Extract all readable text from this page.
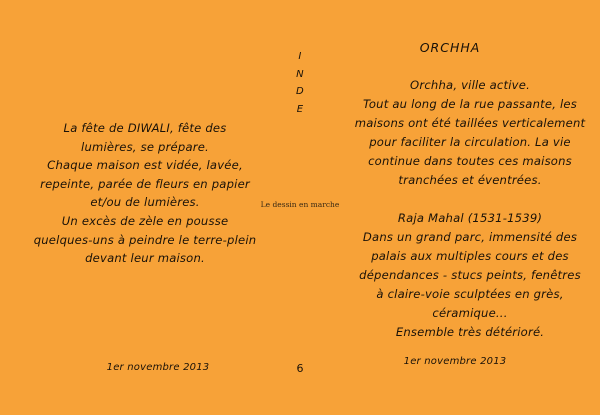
La fête de DIWALI, fête des
lumières, se prépare.
Chaque maison est vidée, lavée,
repeinte, parée de fleurs en papier
et/ou de lumières.
Un excès de zèle en pousse
quelques-uns à peindre le terre-plein
devant leur maison.
1er novembre 2013
I
N
D
E
Le dessin en marche
6
ORCHHA
Orchha, ville active.
Tout au long de la rue passante, les
maisons ont été taillées verticalement
pour faciliter la circulation. La vie
continue dans toutes ces maisons
tranchées et éventrées.
Raja Mahal (1531-1539)
Dans un grand parc, immensité des
palais aux multiples cours et des
dépendances - stucs peints, fenêtres
à claire-voie sculptées en grès,
céramique...
Ensemble très détérioré.
1er novembre 2013
